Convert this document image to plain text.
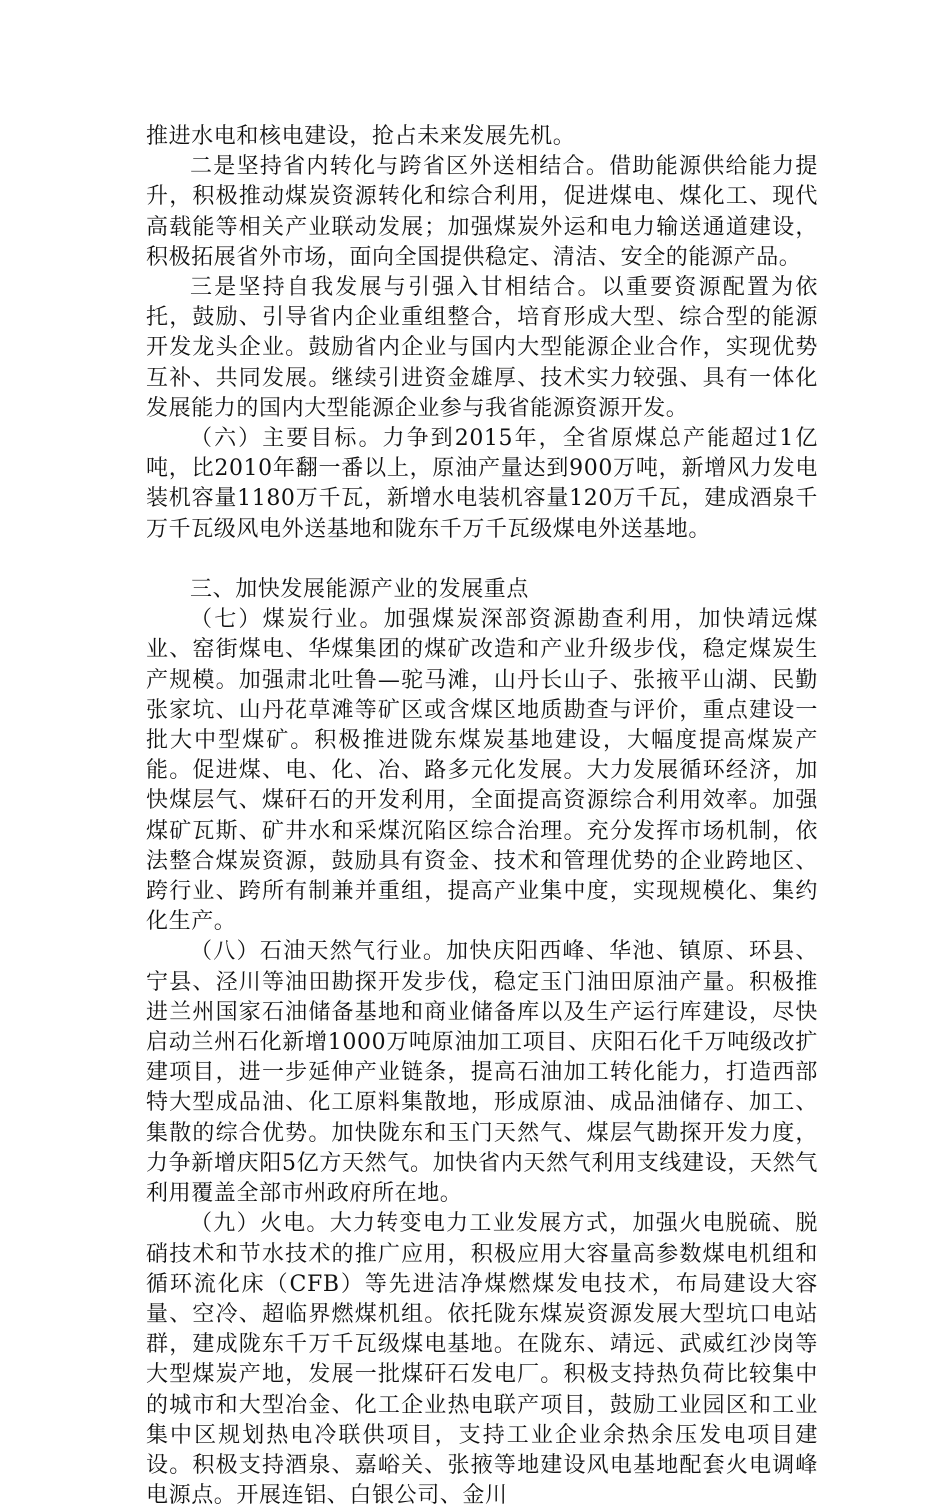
推进水电和核电建设，抢占未来发展先机。

二是坚持省内转化与跨省区外送相结合。借助能源供给能力提升，积极推动煤炭资源转化和综合利用，促进煤电、煤化工、现代高载能等相关产业联动发展；加强煤炭外运和电力输送通道建设，积极拓展省外市场，面向全国提供稳定、清洁、安全的能源产品。

三是坚持自我发展与引强入甘相结合。以重要资源配置为依托，鼓励、引导省内企业重组整合，培育形成大型、综合型的能源开发龙头企业。鼓励省内企业与国内大型能源企业合作，实现优势互补、共同发展。继续引进资金雄厚、技术实力较强、具有一体化发展能力的国内大型能源企业参与我省能源资源开发。

（六）主要目标。力争到2015年，全省原煤总产能超过1亿吨，比2010年翻一番以上，原油产量达到900万吨，新增风力发电装机容量1180万千瓦，新增水电装机容量120万千瓦，建成酒泉千万千瓦级风电外送基地和陇东千万千瓦级煤电外送基地。

三、加快发展能源产业的发展重点

（七）煤炭行业。加强煤炭深部资源勘查利用，加快靖远煤业、窑街煤电、华煤集团的煤矿改造和产业升级步伐，稳定煤炭生产规模。加强肃北吐鲁—驼马滩，山丹长山子、张掖平山湖、民勤张家坑、山丹花草滩等矿区或含煤区地质勘查与评价，重点建设一批大中型煤矿。积极推进陇东煤炭基地建设，大幅度提高煤炭产能。促进煤、电、化、冶、路多元化发展。大力发展循环经济，加快煤层气、煤矸石的开发利用，全面提高资源综合利用效率。加强煤矿瓦斯、矿井水和采煤沉陷区综合治理。充分发挥市场机制，依法整合煤炭资源，鼓励具有资金、技术和管理优势的企业跨地区、跨行业、跨所有制兼并重组，提高产业集中度，实现规模化、集约化生产。

（八）石油天然气行业。加快庆阳西峰、华池、镇原、环县、宁县、泾川等油田勘探开发步伐，稳定玉门油田原油产量。积极推进兰州国家石油储备基地和商业储备库以及生产运行库建设，尽快启动兰州石化新增1000万吨原油加工项目、庆阳石化千万吨级改扩建项目，进一步延伸产业链条，提高石油加工转化能力，打造西部特大型成品油、化工原料集散地，形成原油、成品油储存、加工、集散的综合优势。加快陇东和玉门天然气、煤层气勘探开发力度，力争新增庆阳5亿方天然气。加快省内天然气利用支线建设，天然气利用覆盖全部市州政府所在地。

（九）火电。大力转变电力工业发展方式，加强火电脱硫、脱硝技术和节水技术的推广应用，积极应用大容量高参数煤电机组和循环流化床（CFB）等先进洁净煤燃煤发电技术，布局建设大容量、空冷、超临界燃煤机组。依托陇东煤炭资源发展大型坑口电站群，建成陇东千万千瓦级煤电基地。在陇东、靖远、武威红沙岗等大型煤炭产地，发展一批煤矸石发电厂。积极支持热负荷比较集中的城市和大型冶金、化工企业热电联产项目，鼓励工业园区和工业集中区规划热电冷联供项目，支持工业企业余热余压发电项目建设。积极支持酒泉、嘉峪关、张掖等地建设风电基地配套火电调峰电源点。开展连铝、白银公司、金川
